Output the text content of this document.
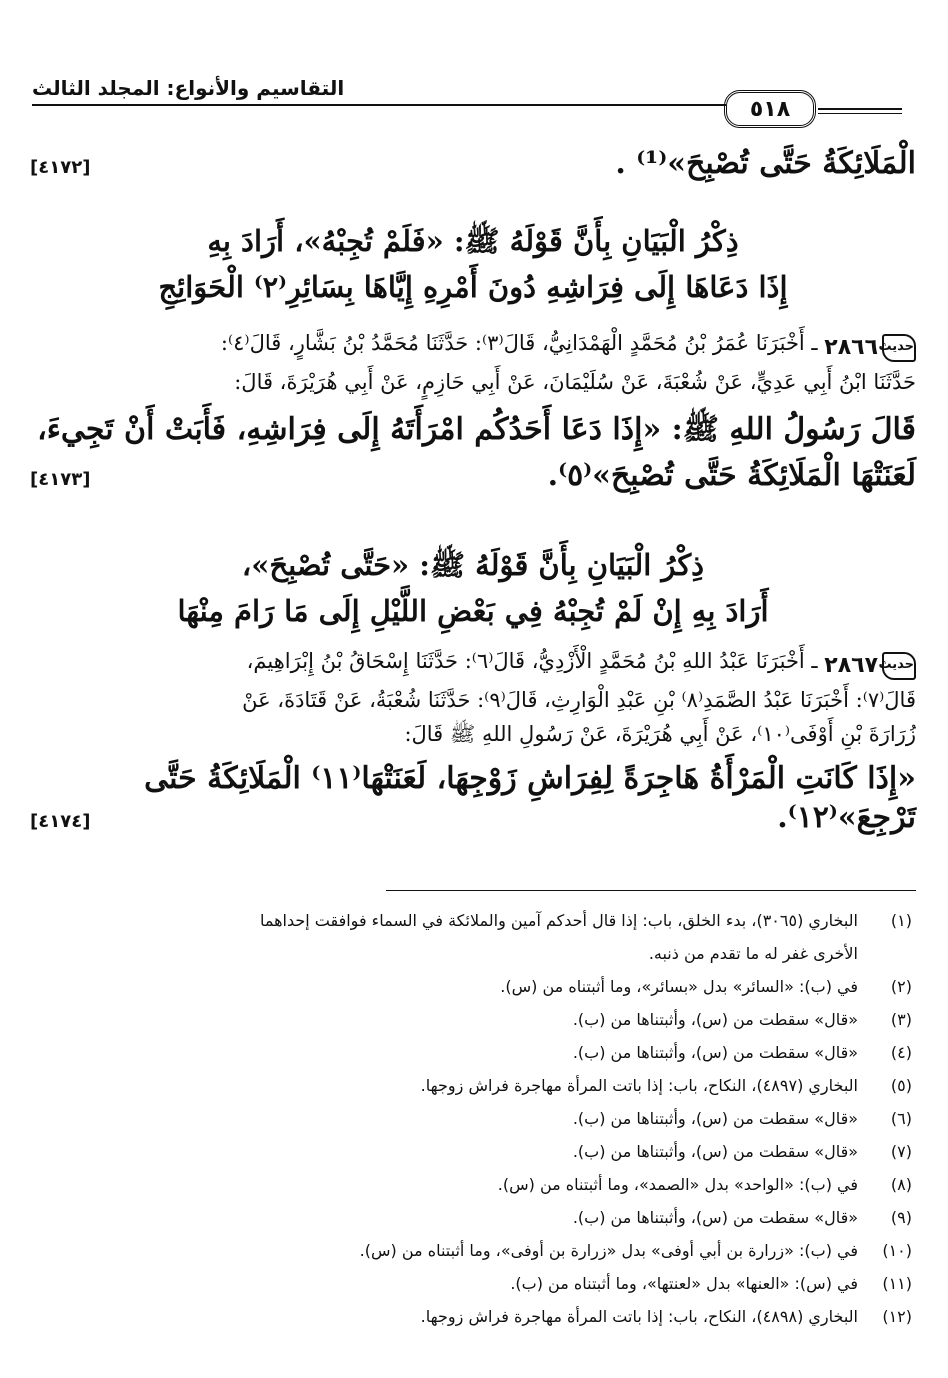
٥١٨
التقاسيم والأنواع: المجلد الثالث
الْمَلَائِكَةُ حَتَّى تُصْبِحَ»⁽¹⁾ .
[٤١٧٢]
ذِكْرُ الْبَيَانِ بِأَنَّ قَوْلَهُ ﷺ: «فَلَمْ تُجِبْهُ»، أَرَادَ بِهِ
إِذَا دَعَاهَا إِلَى فِرَاشِهِ دُونَ أَمْرِهِ إِيَّاهَا بِسَائِرِ⁽٢⁾ الْحَوَائِجِ
حديث
٢٨٦٦
ـ أَخْبَرَنَا عُمَرُ بْنُ مُحَمَّدٍ الْهَمْدَانِيُّ، قَالَ⁽٣⁾: حَدَّثَنَا مُحَمَّدُ بْنُ بَشَّارٍ، قَالَ⁽٤⁾:
حَدَّثَنَا ابْنُ أَبِي عَدِيٍّ، عَنْ شُعْبَةَ، عَنْ سُلَيْمَانَ، عَنْ أَبِي حَازِمٍ، عَنْ أَبِي هُرَيْرَةَ، قَالَ:
قَالَ رَسُولُ اللهِ ﷺ: «إِذَا دَعَا أَحَدُكُم امْرَأَتَهُ إِلَى فِرَاشِهِ، فَأَبَتْ أَنْ تَجِيءَ،
لَعَنَتْهَا الْمَلَائِكَةُ حَتَّى تُصْبِحَ»⁽٥⁾.
[٤١٧٣]
ذِكْرُ الْبَيَانِ بِأَنَّ قَوْلَهُ ﷺ: «حَتَّى تُصْبِحَ»،
أَرَادَ بِهِ إِنْ لَمْ تُجِبْهُ فِي بَعْضِ اللَّيْلِ إِلَى مَا رَامَ مِنْهَا
حديث
٢٨٦٧
ـ أَخْبَرَنَا عَبْدُ اللهِ بْنُ مُحَمَّدٍ الْأَزْدِيُّ، قَالَ⁽٦⁾: حَدَّثَنَا إِسْحَاقُ بْنُ إِبْرَاهِيمَ،
قَالَ⁽٧⁾: أَخْبَرَنَا عَبْدُ الصَّمَدِ⁽٨⁾ بْنِ عَبْدِ الْوَارِثِ، قَالَ⁽٩⁾: حَدَّثَنَا شُعْبَةُ، عَنْ قَتَادَةَ، عَنْ
زُرَارَةَ بْنِ أَوْفَى⁽١٠⁾، عَنْ أَبِي هُرَيْرَةَ، عَنْ رَسُولِ اللهِ ﷺ قَالَ:
«إِذَا كَانَتِ الْمَرْأَةُ هَاجِرَةً لِفِرَاشِ زَوْجِهَا، لَعَنَتْهَا⁽١١⁾ الْمَلَائِكَةُ حَتَّى
تَرْجِعَ»⁽١٢⁾.
[٤١٧٤]
(١)
البخاري (٣٠٦٥)، بدء الخلق، باب: إذا قال أحدكم آمين والملائكة في السماء فوافقت إحداهما
الأخرى غفر له ما تقدم من ذنبه.
(٢)
في (ب): «السائر» بدل «بسائر»، وما أثبتناه من (س).
(٣)
«قال» سقطت من (س)، وأثبتناها من (ب).
(٤)
«قال» سقطت من (س)، وأثبتناها من (ب).
(٥)
البخاري (٤٨٩٧)، النكاح، باب: إذا باتت المرأة مهاجرة فراش زوجها.
(٦)
«قال» سقطت من (س)، وأثبتناها من (ب).
(٧)
«قال» سقطت من (س)، وأثبتناها من (ب).
(٨)
في (ب): «الواحد» بدل «الصمد»، وما أثبتناه من (س).
(٩)
«قال» سقطت من (س)، وأثبتناها من (ب).
(١٠)
في (ب): «زرارة بن أبي أوفى» بدل «زرارة بن أوفى»، وما أثبتناه من (س).
(١١)
في (س): «العنها» بدل «لعنتها»، وما أثبتناه من (ب).
(١٢)
البخاري (٤٨٩٨)، النكاح، باب: إذا باتت المرأة مهاجرة فراش زوجها.
